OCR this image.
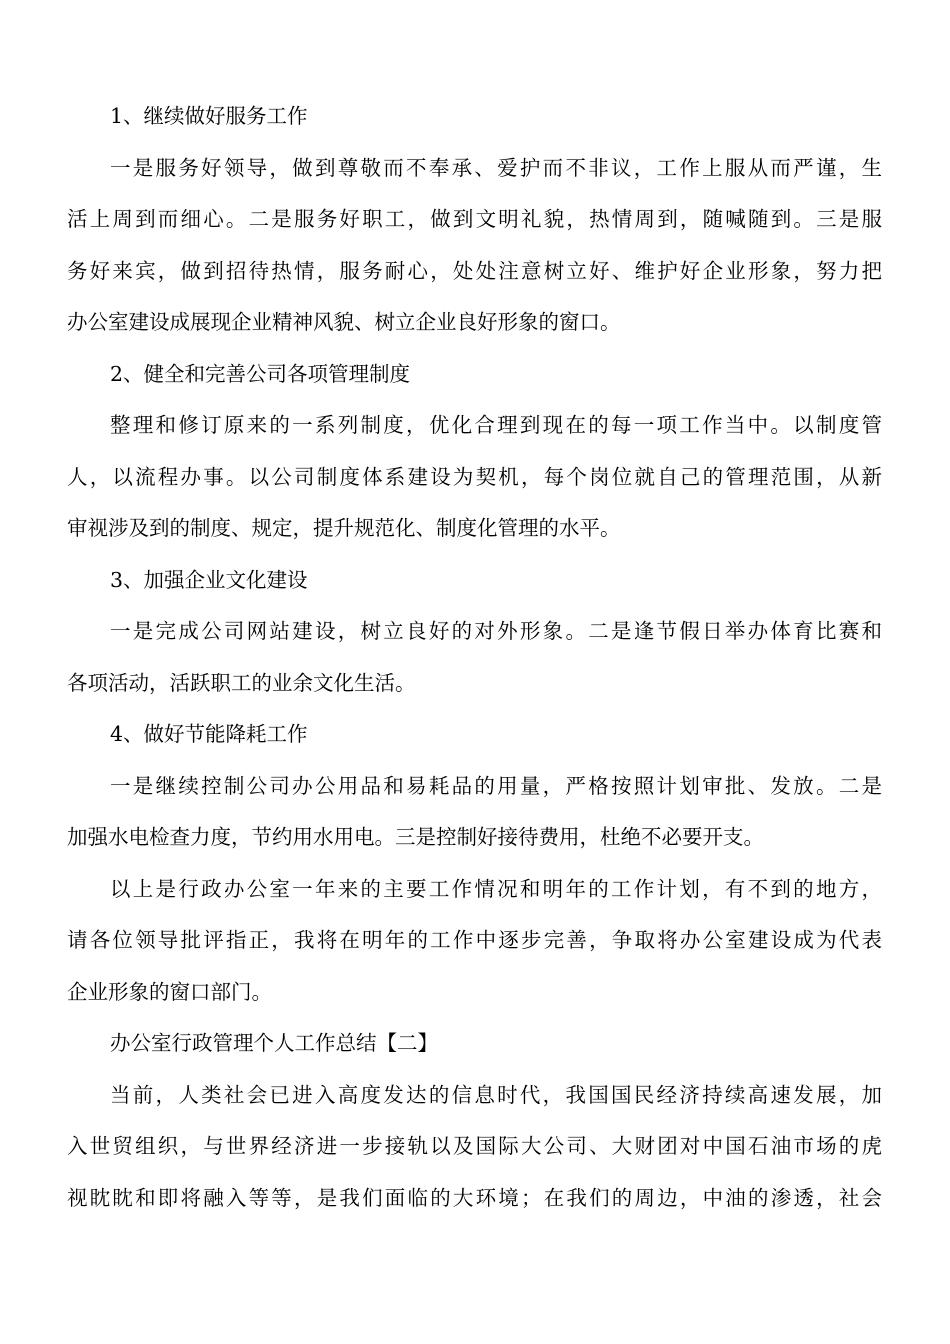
1、继续做好服务工作

一是服务好领导，做到尊敬而不奉承、爱护而不非议，工作上服从而严谨，生

活上周到而细心。二是服务好职工，做到文明礼貌，热情周到，随喊随到。三是服

务好来宾，做到招待热情，服务耐心，处处注意树立好、维护好企业形象，努力把

办公室建设成展现企业精神风貌、树立企业良好形象的窗口。

2、健全和完善公司各项管理制度

整理和修订原来的一系列制度，优化合理到现在的每一项工作当中。以制度管

人，以流程办事。以公司制度体系建设为契机，每个岗位就自己的管理范围，从新

审视涉及到的制度、规定，提升规范化、制度化管理的水平。

3、加强企业文化建设

一是完成公司网站建设，树立良好的对外形象。二是逢节假日举办体育比赛和

各项活动，活跃职工的业余文化生活。

4、做好节能降耗工作

一是继续控制公司办公用品和易耗品的用量，严格按照计划审批、发放。二是

加强水电检查力度，节约用水用电。三是控制好接待费用，杜绝不必要开支。

以上是行政办公室一年来的主要工作情况和明年的工作计划，有不到的地方，

请各位领导批评指正，我将在明年的工作中逐步完善，争取将办公室建设成为代表

企业形象的窗口部门。

办公室行政管理个人工作总结【二】

当前，人类社会已进入高度发达的信息时代，我国国民经济持续高速发展，加

入世贸组织，与世界经济进一步接轨以及国际大公司、大财团对中国石油市场的虎

视眈眈和即将融入等等，是我们面临的大环境；在我们的周边，中油的渗透，社会
